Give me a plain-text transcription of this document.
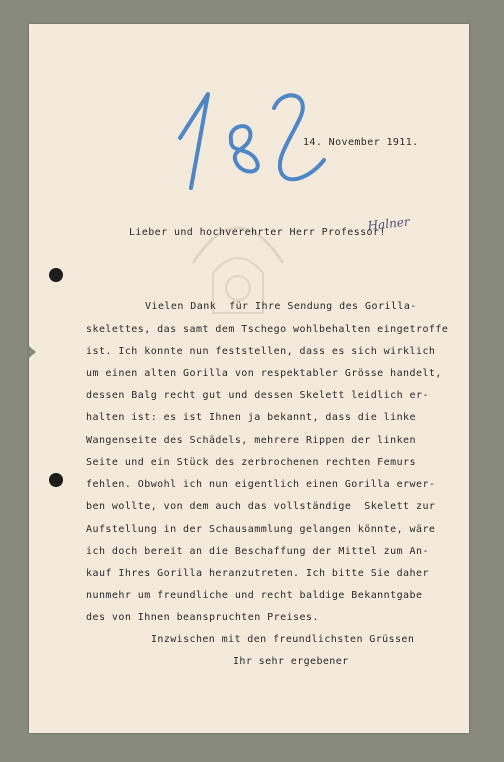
14. November 1911.
Lieber und hochverehrter Herr Professor!
Halner
Vielen Dank  für Ihre Sendung des Gorilla-
skelettes, das samt dem Tschego wohlbehalten eingetroffe
ist. Ich konnte nun feststellen, dass es sich wirklich
um einen alten Gorilla von respektabler Grösse handelt,
dessen Balg recht gut und dessen Skelett leidlich er-
halten ist: es ist Ihnen ja bekannt, dass die linke
Wangenseite des Schädels, mehrere Rippen der linken
Seite und ein Stück des zerbrochenen rechten Femurs
fehlen. Obwohl ich nun eigentlich einen Gorilla erwer-
ben wollte, von dem auch das vollständige  Skelett zur
Aufstellung in der Schausammlung gelangen könnte, wäre
ich doch bereit an die Beschaffung der Mittel zum An-
kauf Ihres Gorilla heranzutreten. Ich bitte Sie daher
nunmehr um freundliche und recht baldige Bekanntgabe
des von Ihnen beanspruchten Preises.
Inzwischen mit den freundlichsten Grüssen
Ihr sehr ergebener
